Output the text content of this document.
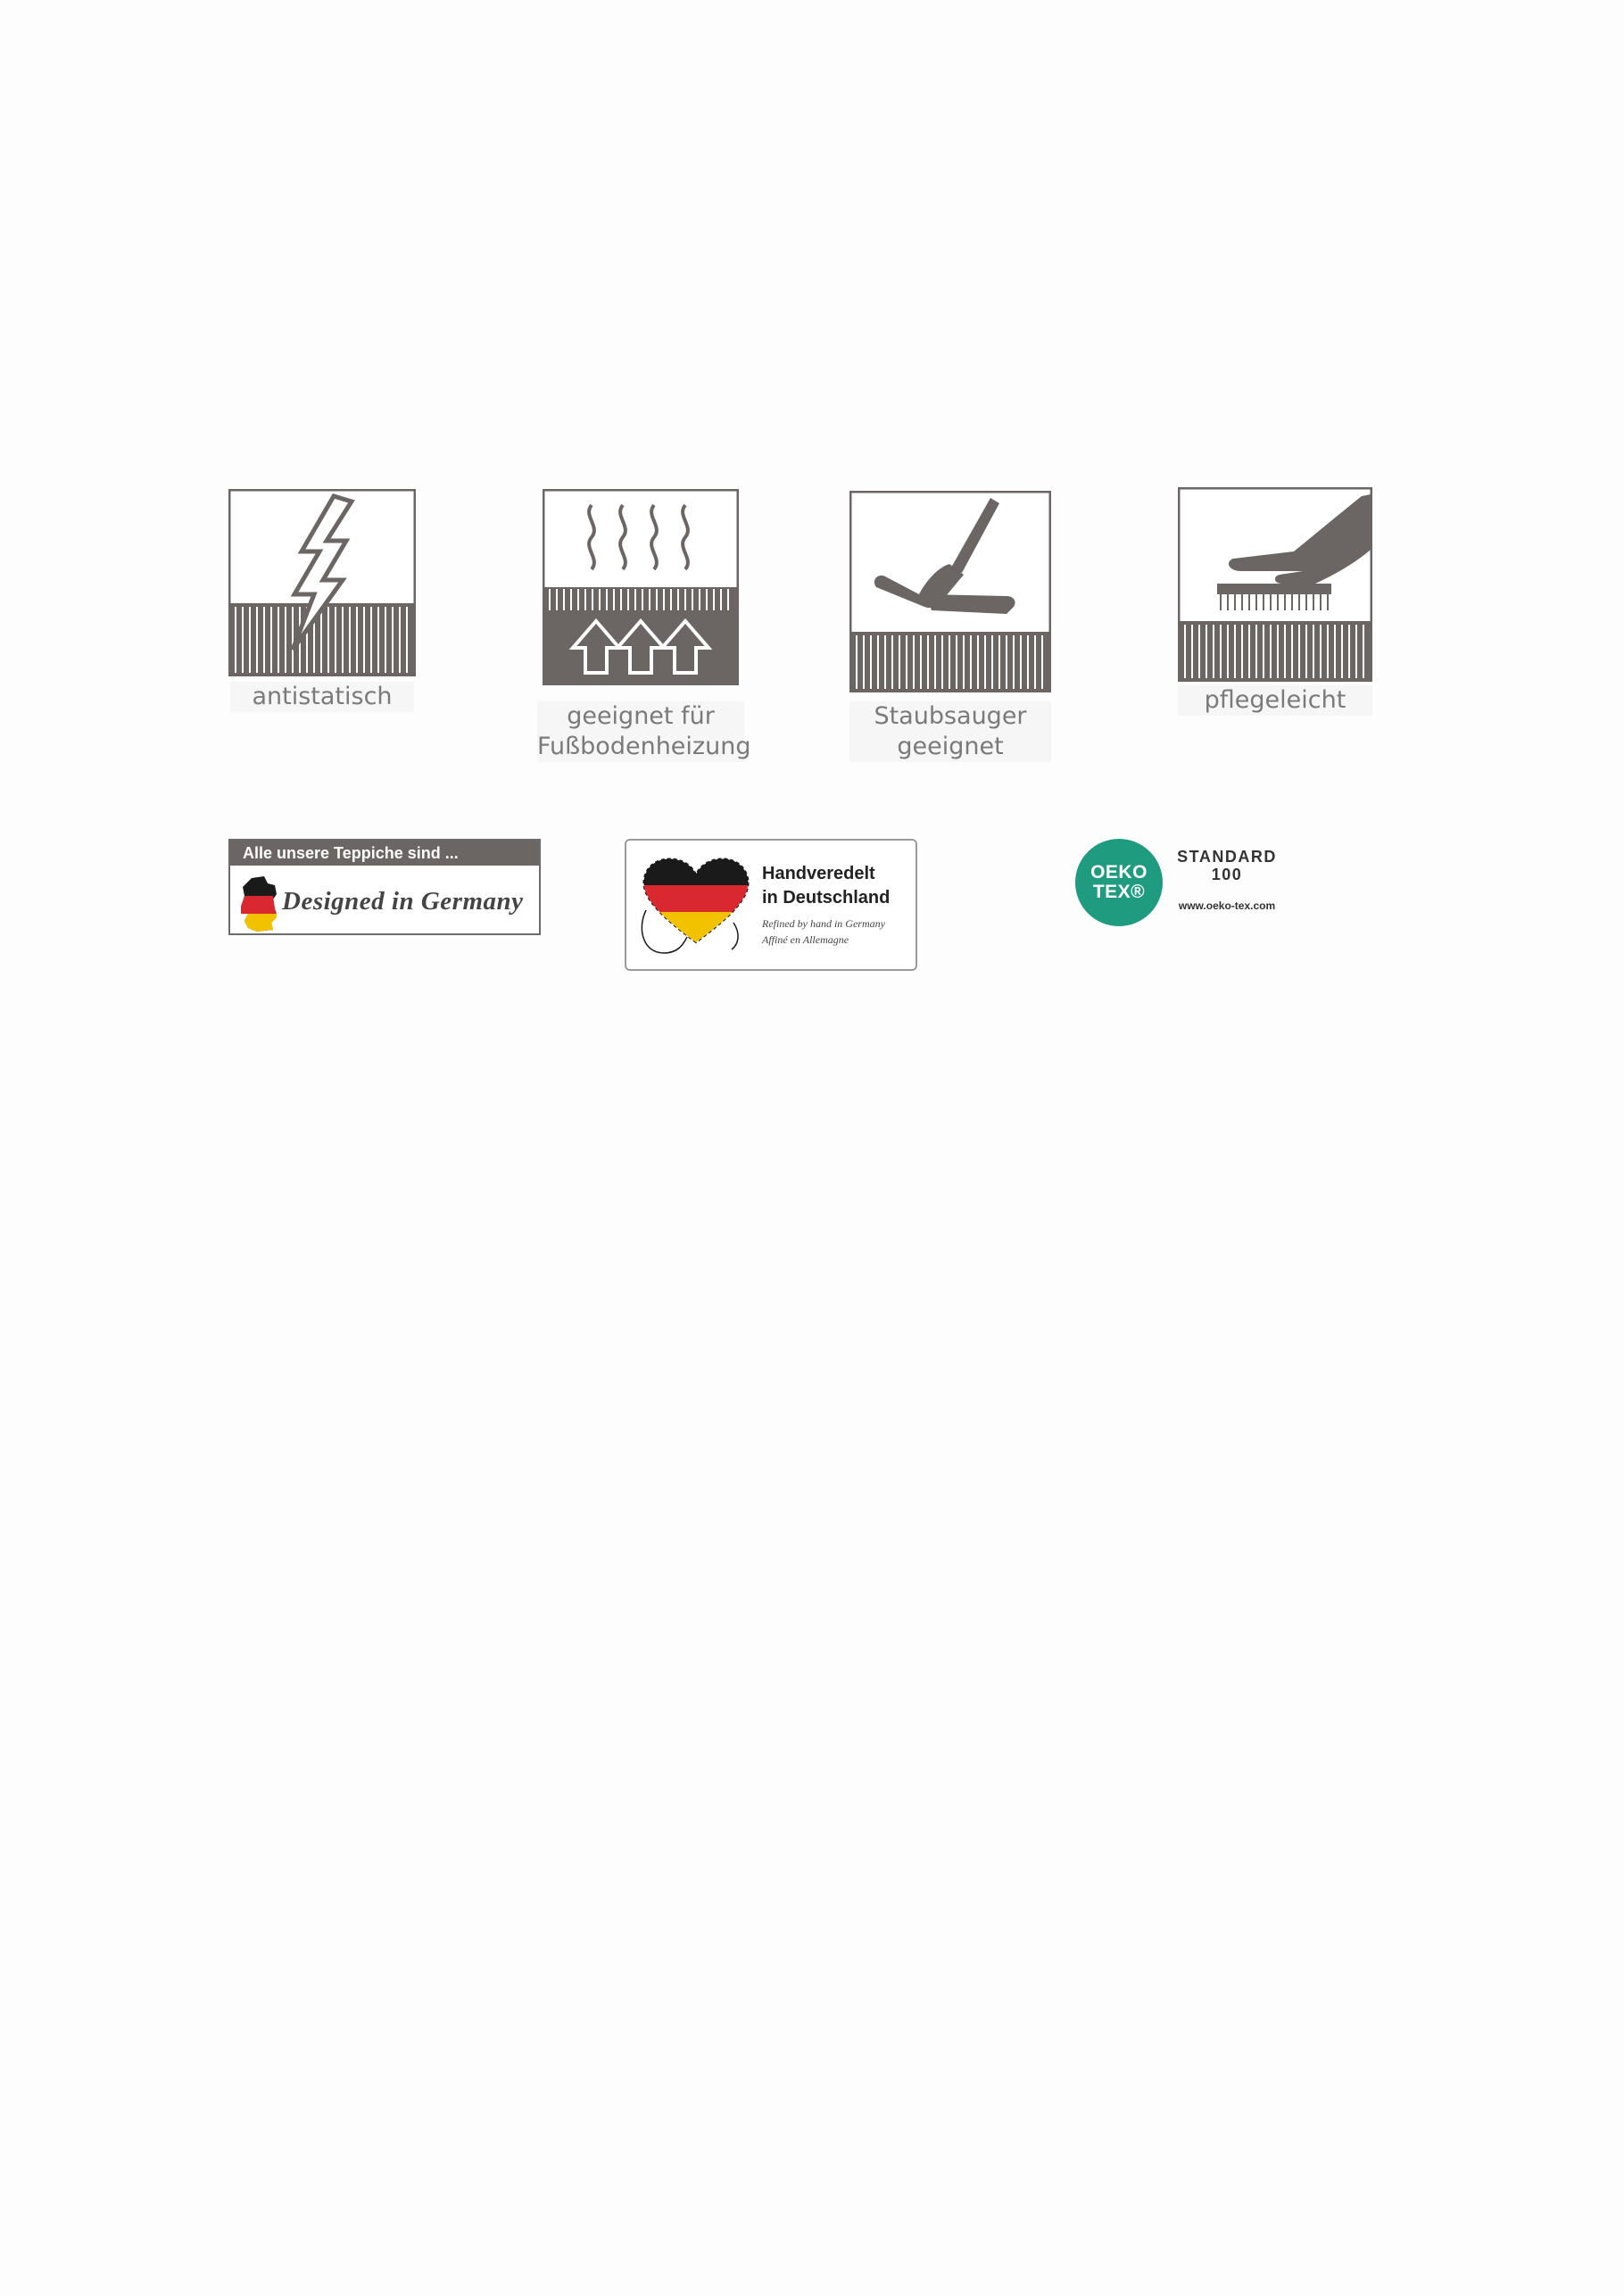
antistatisch
geeignet für
Fußbodenheizung
Staubsauger
geeignet
pflegeleicht
Alle unsere Teppiche sind ...
Designed in Germany
Handveredelt
in Deutschland
Refined by hand in Germany
Affiné en Allemagne
OEKO
TEX®
STANDARD
100
www.oeko-tex.com
